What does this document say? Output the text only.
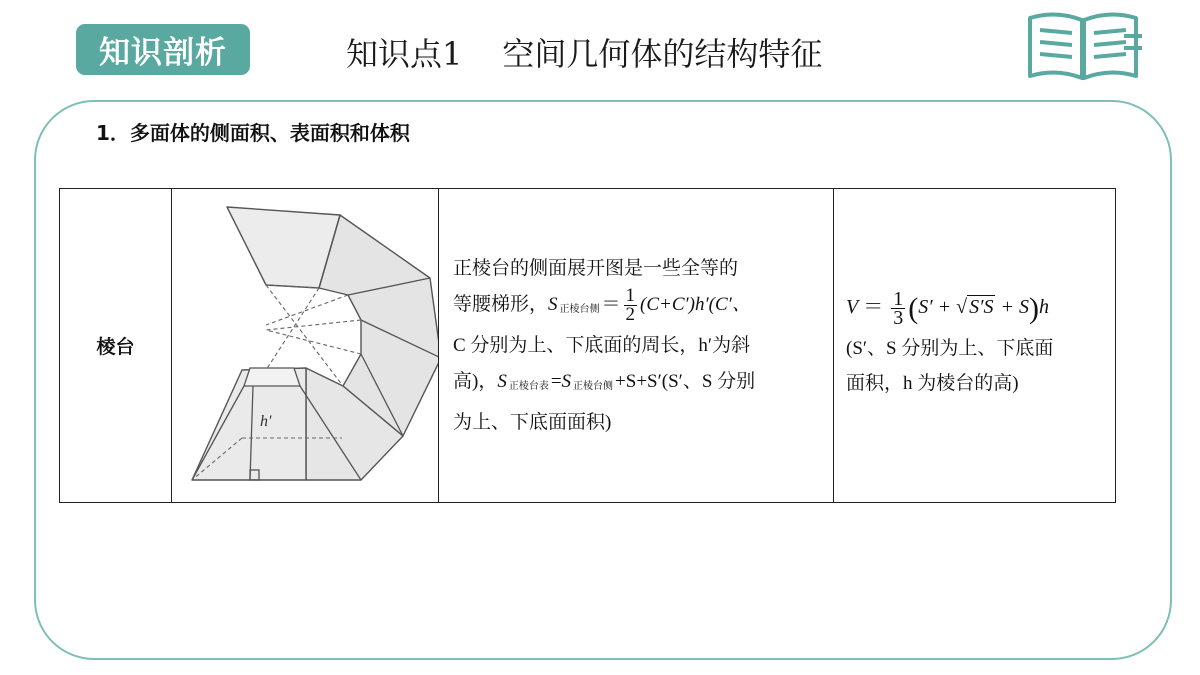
知识剖析	知识点1 空间几何体的结构特征
1．多面体的侧面积、表面积和体积
棱台	
h′

正棱台的侧面展开图是一些全等的
等腰梯形，S $_{正棱台侧} = \frac{1}{2} (C+C')h'(C'$、
C 分别为上、下底面的周长，h′为斜
高)，S $_{正棱台表}$ =S $_{正棱台侧}$ +S+S′(S′、S 分别
为上、下底面面积)

$V = \frac{1}{3} (S'$ + √ S′S + S)h
(S′、S 分别为上、下底面
面积，h 为棱台的高)
